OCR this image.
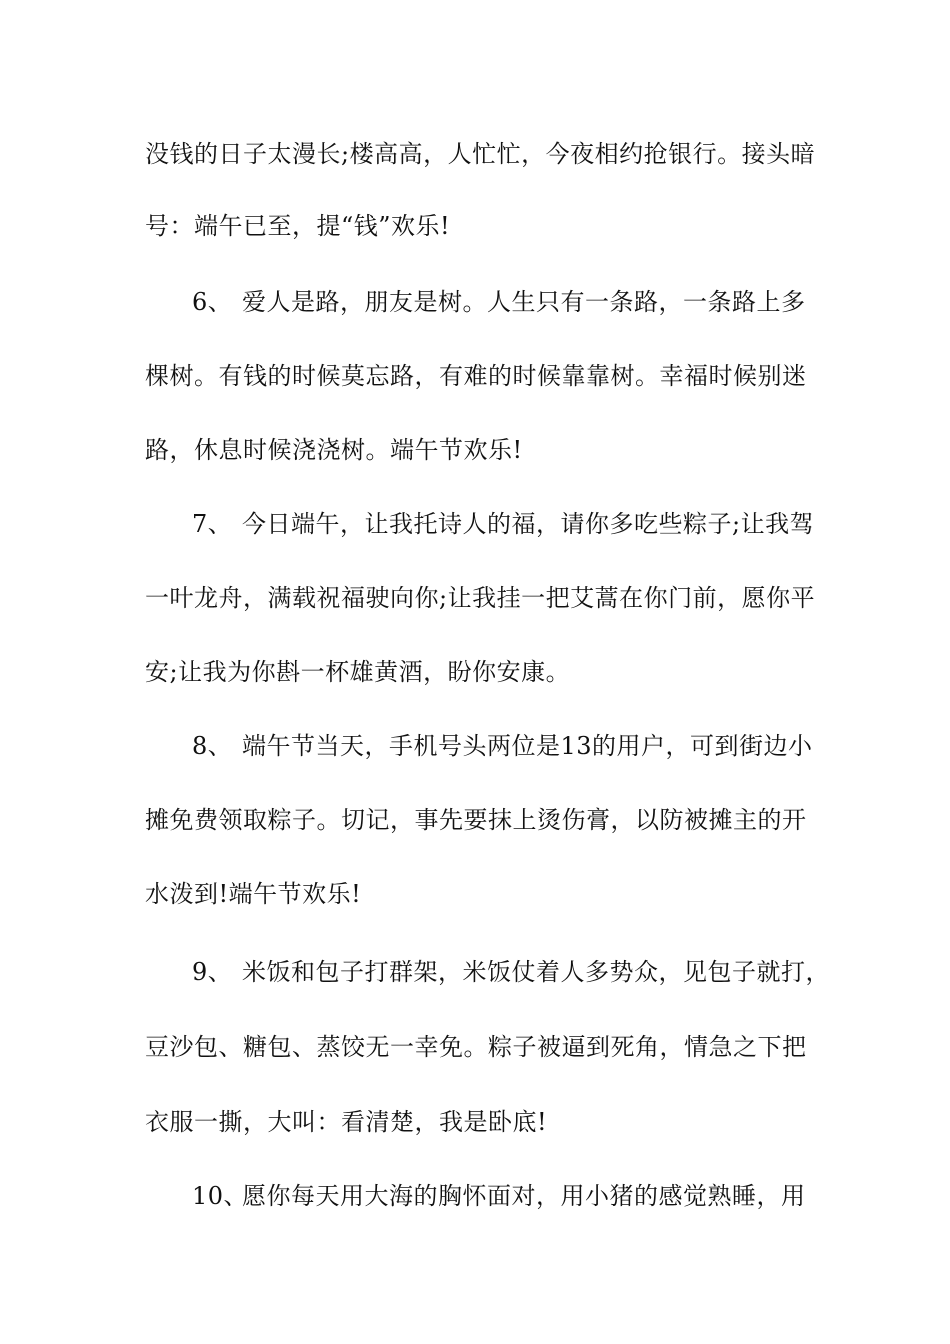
没钱的日子太漫长;楼高高，人忙忙，今夜相约抢银行。接头暗
号：端午已至，提“钱”欢乐!
6、 爱人是路，朋友是树。人生只有一条路，一条路上多
棵树。有钱的时候莫忘路，有难的时候靠靠树。幸福时候别迷
路，休息时候浇浇树。端午节欢乐!
7、 今日端午，让我托诗人的福，请你多吃些粽子;让我驾
一叶龙舟，满载祝福驶向你;让我挂一把艾蒿在你门前，愿你平
安;让我为你斟一杯雄黄酒，盼你安康。
8、 端午节当天，手机号头两位是13的用户，可到街边小
摊免费领取粽子。切记，事先要抹上烫伤膏，以防被摊主的开
水泼到!端午节欢乐!
9、 米饭和包子打群架，米饭仗着人多势众，见包子就打，
豆沙包、糖包、蒸饺无一幸免。粽子被逼到死角，情急之下把
衣服一撕，大叫：看清楚，我是卧底!
10、愿你每天用大海的胸怀面对，用小猪的感觉熟睡，用
